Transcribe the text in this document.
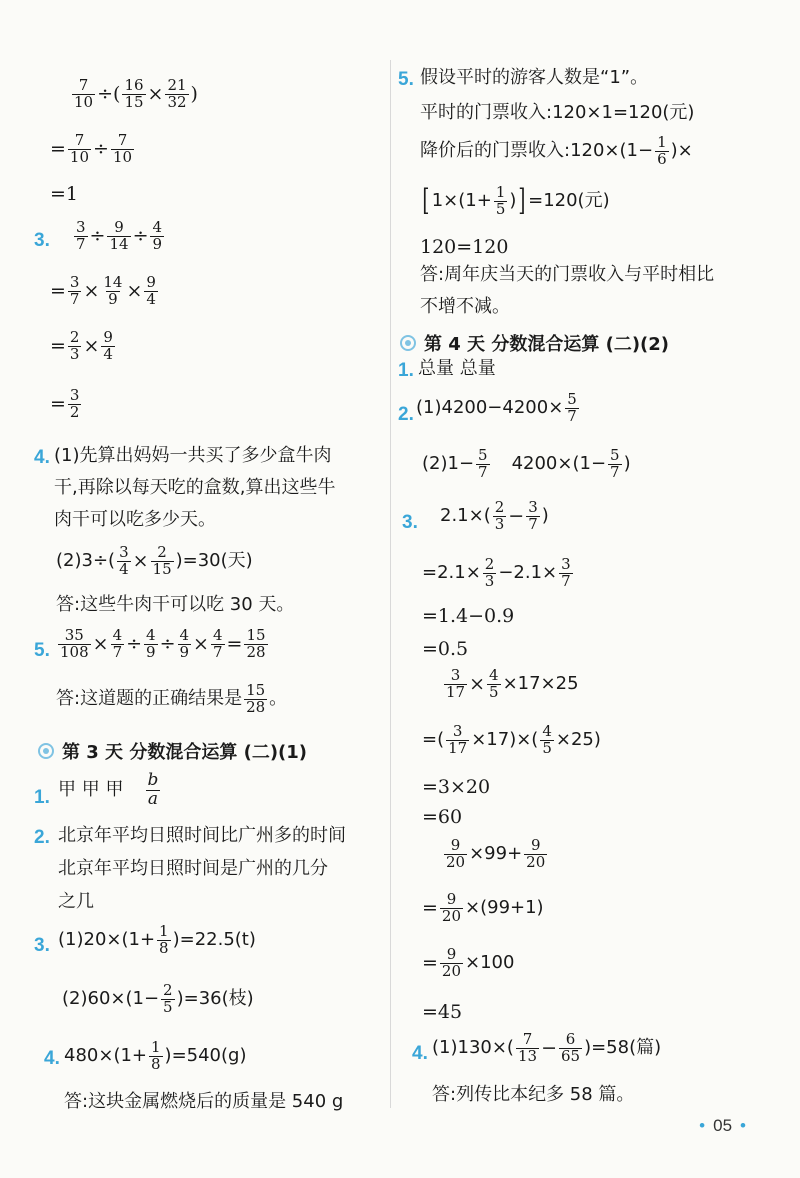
$\frac{7}{10}$ ÷( $\frac{16}{15} \times \frac{21}{32}$ )
= $\frac{7}{10} \div \frac{7}{10}$
=1
3. $\frac{3}{7} \div \frac{9}{14} \div \frac{4}{9}$
= $\frac{3}{7} \times \frac{14}{9} \times \frac{9}{4}$
= $\frac{2}{3} \times \frac{9}{4}$
= $\frac{3}{2}$
4. (1)先算出妈妈一共买了多少盒牛肉
干,再除以每天吃的盒数,算出这些牛
肉干可以吃多少天。
$(2)3\div( \frac{3}{4} \times \frac{2}{15} )=30$(天)
答:这些牛肉干可以吃 30 天。
5. $\frac{35}{108} \times \frac{4}{7} \div \frac{4}{9} \div \frac{4}{9} \times \frac{4}{7} = \frac{15}{28}$
答:这道题的正确结果是 $\frac{15}{28}$ 。
第 3 天 分数混合运算 (二)(1)
1. 甲 甲 甲 $\frac{b}{a}$
2. 北京年平均日照时间比广州多的时间
北京年平均日照时间是广州的几分
之几
3. $(1)20\times(1+ \frac{1}{8} )=22.5(t)$
$(2)60\times(1- \frac{2}{5} )=36$(枝)
4. $480\times(1+ \frac{1}{8} )=540(g)$
答:这块金属燃烧后的质量是 540 g
5. 假设平时的游客人数是“1”。
平时的门票收入:120×1=120(元)
降价后的门票收入:120×(1− $\frac{1}{6}$ )×
[ $1\times(1+ \frac{1}{5}$ ) ] =120(元)
120=120
答:周年庆当天的门票收入与平时相比
不增不减。
第 4 天 分数混合运算 (二)(2)
1. 总量 总量
2. $(1)4200-4200\times \frac{5}{7}$
$(2)1- \frac{5}{7} 4200\times(1- \frac{5}{7}$ )
3. $2.1\times( \frac{2}{3} - \frac{3}{7}$ )
$=2.1\times \frac{2}{3} -2.1\times \frac{3}{7}$
=1.4−0.9
=0.5
$\frac{3}{17} \times \frac{4}{5} \times 17\times 25$
=( $\frac{3}{17} \times 17)\times( \frac{4}{5} \times 25)$
=3×20
=60
$\frac{9}{20} \times 99+ \frac{9}{20}$
= $\frac{9}{20} \times(99+1)$
= $\frac{9}{20} \times 100$
=45
4. $(1)130\times( \frac{7}{13} - \frac{6}{65} )=58$(篇)
答:列传比本纪多 58 篇。
• 05 •
